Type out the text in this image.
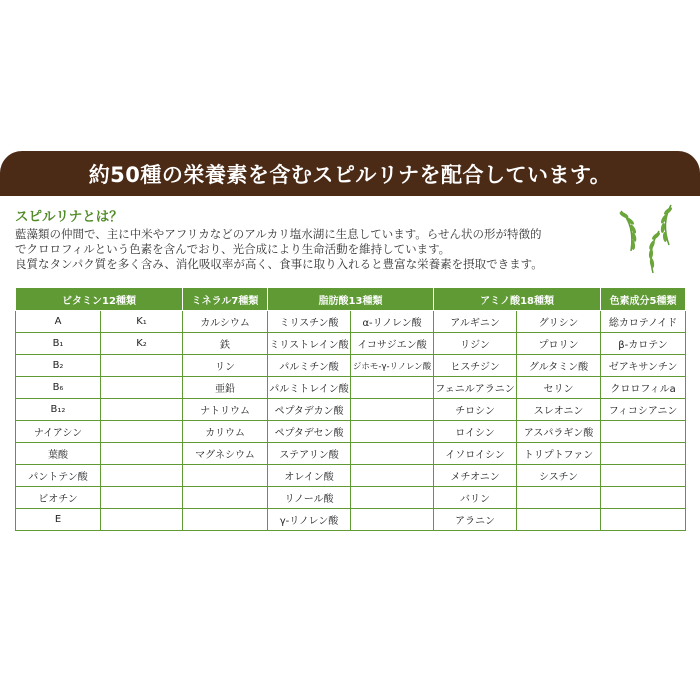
約50種の栄養素を含むスピルリナを配合しています。
スピルリナとは？
藍藻類の仲間で、主に中米やアフリカなどのアルカリ塩水湖に生息しています。らせん状の形が特徴的
でクロロフィルという色素を含んでおり、光合成により生命活動を維持しています。
良質なタンパク質を多く含み、消化吸収率が高く、食事に取り入れると豊富な栄養素を摂取できます。
ビタミン12種類		ミネラル7種類	脂肪酸13種類		アミノ酸18種類		色素成分5種類
A	K₁	カルシウム	ミリスチン酸	α-リノレン酸	アルギニン	グリシン	総カロテノイド
B₁	K₂	鉄	ミリストレイン酸	イコサジエン酸	リジン	プロリン	β-カロテン
B₂		リン	パルミチン酸	ジホモ-γ-リノレン酸	ヒスチジン	グルタミン酸	ゼアキサンチン
B₆		亜鉛	パルミトレイン酸		フェニルアラニン	セリン	クロロフィルa
B₁₂		ナトリウム	ペプタデカン酸		チロシン	スレオニン	フィコシアニン
ナイアシン		カリウム	ペプタデセン酸		ロイシン	アスパラギン酸	
葉酸		マグネシウム	ステアリン酸		イソロイシン	トリプトファン	
パントテン酸			オレイン酸		メチオニン	シスチン	
ビオチン			リノール酸		バリン		
E			γ-リノレン酸		アラニン		
